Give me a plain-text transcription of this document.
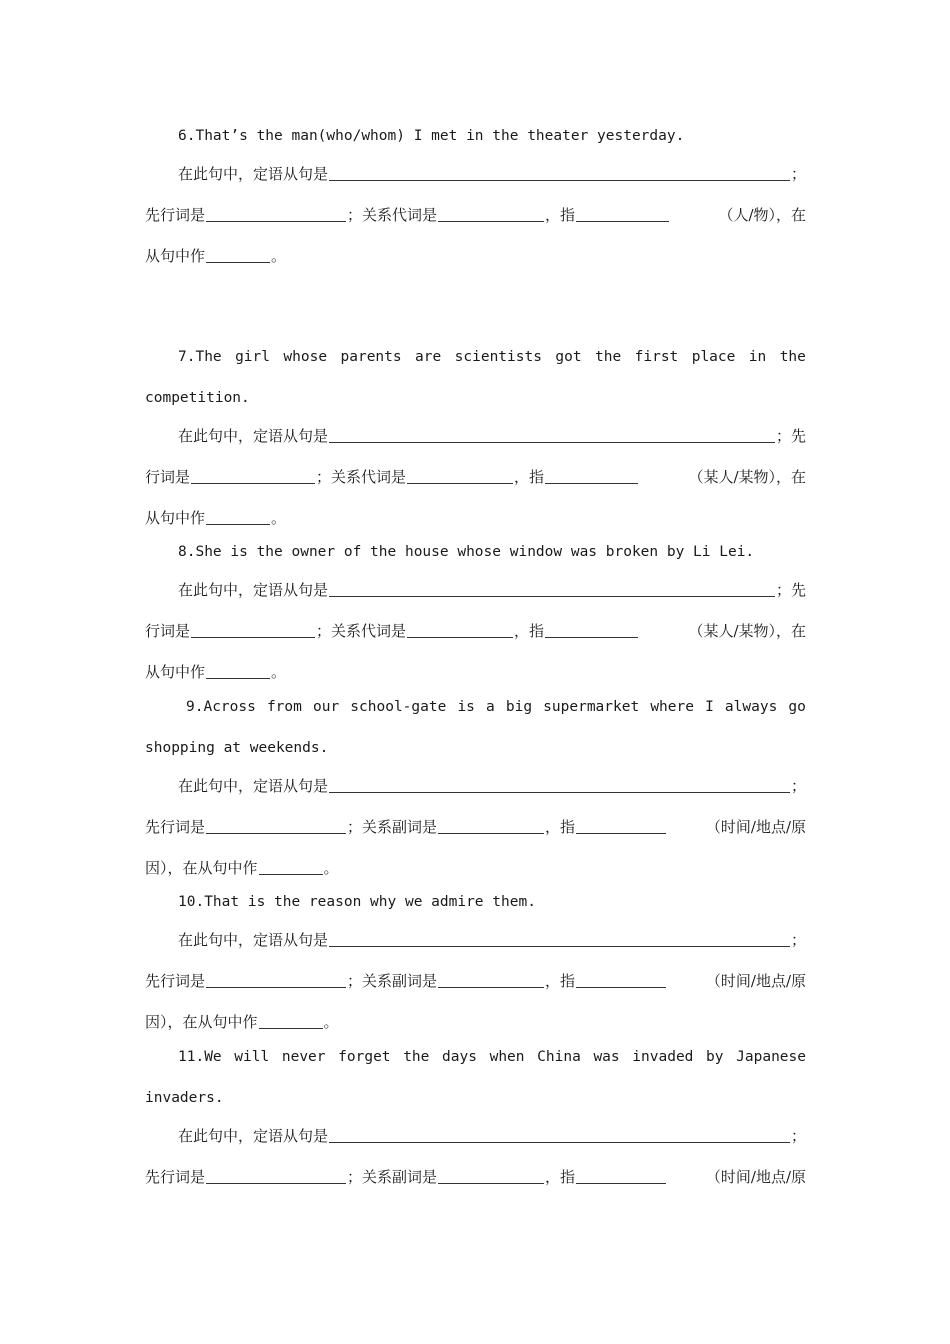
6.That’s the man(who/whom) I met in the theater yesterday.
在此句中，定语从句是	；
先行词是	；关系代词是	，指	（人/物），在
从句中作	。
7.The girl whose parents are scientists got the first place in the
competition.
在此句中，定语从句是	；先
行词是	；关系代词是	，指	（某人/某物），在
从句中作	。
8.She is the owner of the house whose window was broken by Li Lei.
在此句中，定语从句是	；先
行词是	；关系代词是	，指	（某人/某物），在
从句中作	。
9.Across from our school-gate is a big supermarket where I always go
shopping at weekends.
在此句中，定语从句是	；
先行词是	；关系副词是	，指	（时间/地点/原
因），在从句中作	。
10.That is the reason why we admire them.
在此句中，定语从句是	；
先行词是	；关系副词是	，指	（时间/地点/原
因），在从句中作	。
11.We will never forget the days when China was invaded by Japanese
invaders.
在此句中，定语从句是	；
先行词是	；关系副词是	，指	（时间/地点/原
